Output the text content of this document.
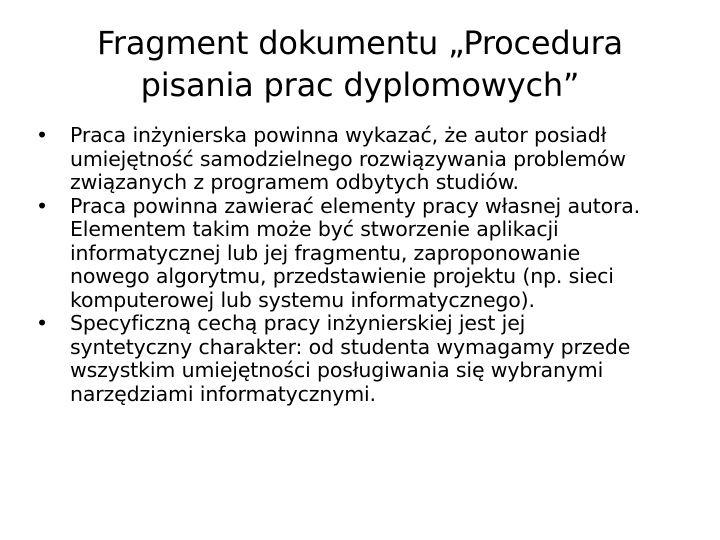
Fragment dokumentu „Procedura
pisania prac dyplomowych”
•	Praca inżynierska powinna wykazać, że autor posiadł
umiejętność samodzielnego rozwiązywania problemów
związanych z programem odbytych studiów.
•	Praca powinna zawierać elementy pracy własnej autora.
Elementem takim może być stworzenie aplikacji
informatycznej lub jej fragmentu, zaproponowanie
nowego algorytmu, przedstawienie projektu (np. sieci
komputerowej lub systemu informatycznego).
•	Specyficzną cechą pracy inżynierskiej jest jej
syntetyczny charakter: od studenta wymagamy przede
wszystkim umiejętności posługiwania się wybranymi
narzędziami informatycznymi.
